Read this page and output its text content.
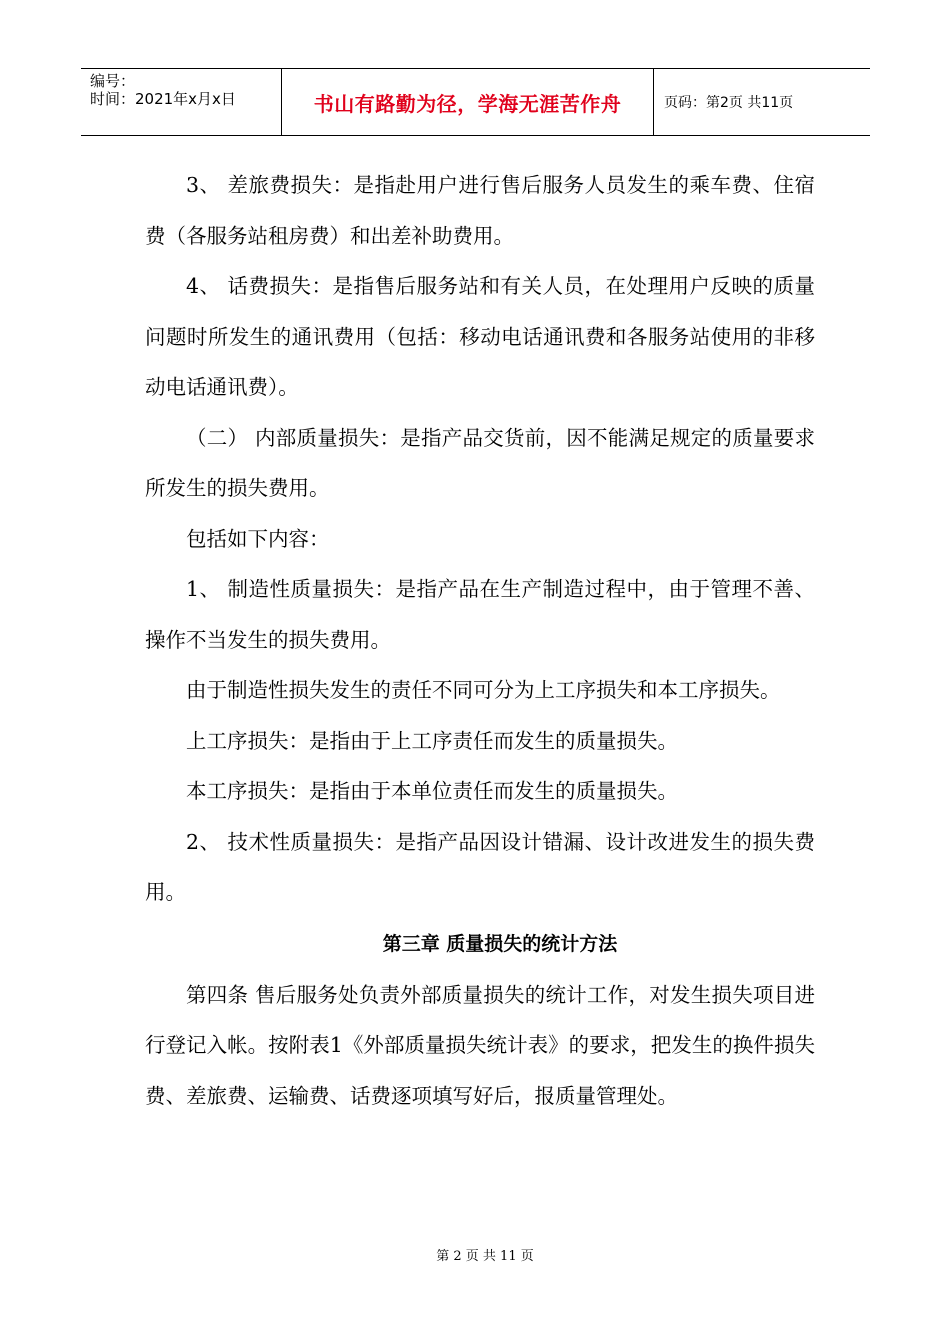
编号：
时间：2021年x月x日	书山有路勤为径，学海无涯苦作舟	页码：第2页 共11页

3、 差旅费损失：是指赴用户进行售后服务人员发生的乘车费、住宿费（各服务站租房费）和出差补助费用。

4、 话费损失：是指售后服务站和有关人员，在处理用户反映的质量问题时所发生的通讯费用（包括：移动电话通讯费和各服务站使用的非移动电话通讯费）。

（二） 内部质量损失：是指产品交货前，因不能满足规定的质量要求所发生的损失费用。

包括如下内容：

1、 制造性质量损失：是指产品在生产制造过程中，由于管理不善、操作不当发生的损失费用。

由于制造性损失发生的责任不同可分为上工序损失和本工序损失。

上工序损失：是指由于上工序责任而发生的质量损失。

本工序损失：是指由于本单位责任而发生的质量损失。

2、 技术性质量损失：是指产品因设计错漏、设计改进发生的损失费用。

第三章 质量损失的统计方法

第四条 售后服务处负责外部质量损失的统计工作，对发生损失项目进行登记入帐。按附表1《外部质量损失统计表》的要求，把发生的换件损失费、差旅费、运输费、话费逐项填写好后，报质量管理处。

第 2 页 共 11 页
